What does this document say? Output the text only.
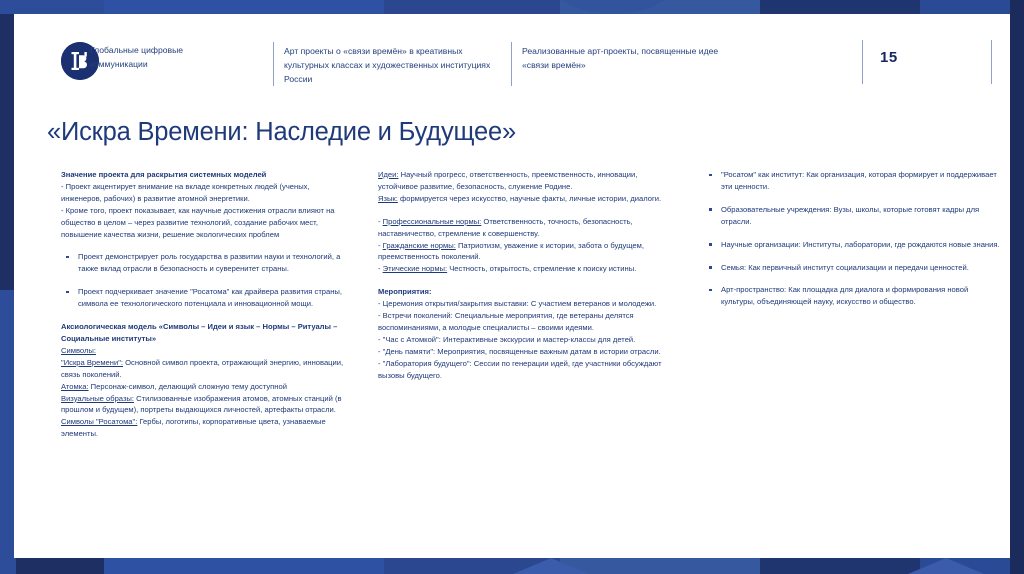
Глобальные цифровые коммуникации
Арт проекты о «связи времён» в креативных культурных классах и художественных институциях России
Реализованные арт-проекты, посвященные идее «связи времён»	15
«Искра Времени: Наследие и Будущее»
Значение проекта для раскрытия системных моделей
- Проект акцентирует внимание на вкладе конкретных людей (ученых, инженеров, рабочих) в развитие атомной энергетики.
- Кроме того, проект показывает, как научные достижения отрасли влияют на общество в целом – через развитие технологий, создание рабочих мест, повышение качества жизни, решение экологических проблем
Проект демонстрирует роль государства в развитии науки и технологий, а также вклад отрасли в безопасность и суверенитет страны.
Проект подчеркивает значение "Росатома" как драйвера развития страны, символа ее технологического потенциала и инновационной мощи.
Аксиологическая модель «Символы – Идеи и язык – Нормы – Ритуалы – Социальные институты»
Символы:
"Искра Времени": Основной символ проекта, отражающий энергию, инновации, связь поколений.
Атомка: Персонаж-символ, делающий сложную тему доступной
Визуальные образы: Стилизованные изображения атомов, атомных станций (в прошлом и будущем), портреты выдающихся личностей, артефакты отрасли.
Символы "Росатома": Гербы, логотипы, корпоративные цвета, узнаваемые элементы.
Идеи: Научный прогресс, ответственность, преемственность, инновации, устойчивое развитие, безопасность, служение Родине.
Язык: формируется через искусство, научные факты, личные истории, диалоги.
- Профессиональные нормы: Ответственность, точность, безопасность, наставничество, стремление к совершенству.
- Гражданские нормы: Патриотизм, уважение к истории, забота о будущем, преемственность поколений.
- Этические нормы: Честность, открытость, стремление к поиску истины.
Мероприятия:
- Церемония открытия/закрытия выставки: С участием ветеранов и молодежи.
- Встречи поколений: Специальные мероприятия, где ветераны делятся воспоминаниями, а молодые специалисты – своими идеями.
- "Час с Атомкой": Интерактивные экскурсии и мастер-классы для детей.
- "День памяти": Мероприятия, посвященные важным датам в истории отрасли.
- "Лаборатория будущего": Сессии по генерации идей, где участники обсуждают вызовы будущего.
"Росатом" как институт: Как организация, которая формирует и поддерживает эти ценности.
Образовательные учреждения: Вузы, школы, которые готовят кадры для отрасли.
Научные организации: Институты, лаборатории, где рождаются новые знания.
Семья: Как первичный институт социализации и передачи ценностей.
Арт-пространство: Как площадка для диалога и формирования новой культуры, объединяющей науку, искусство и общество.
